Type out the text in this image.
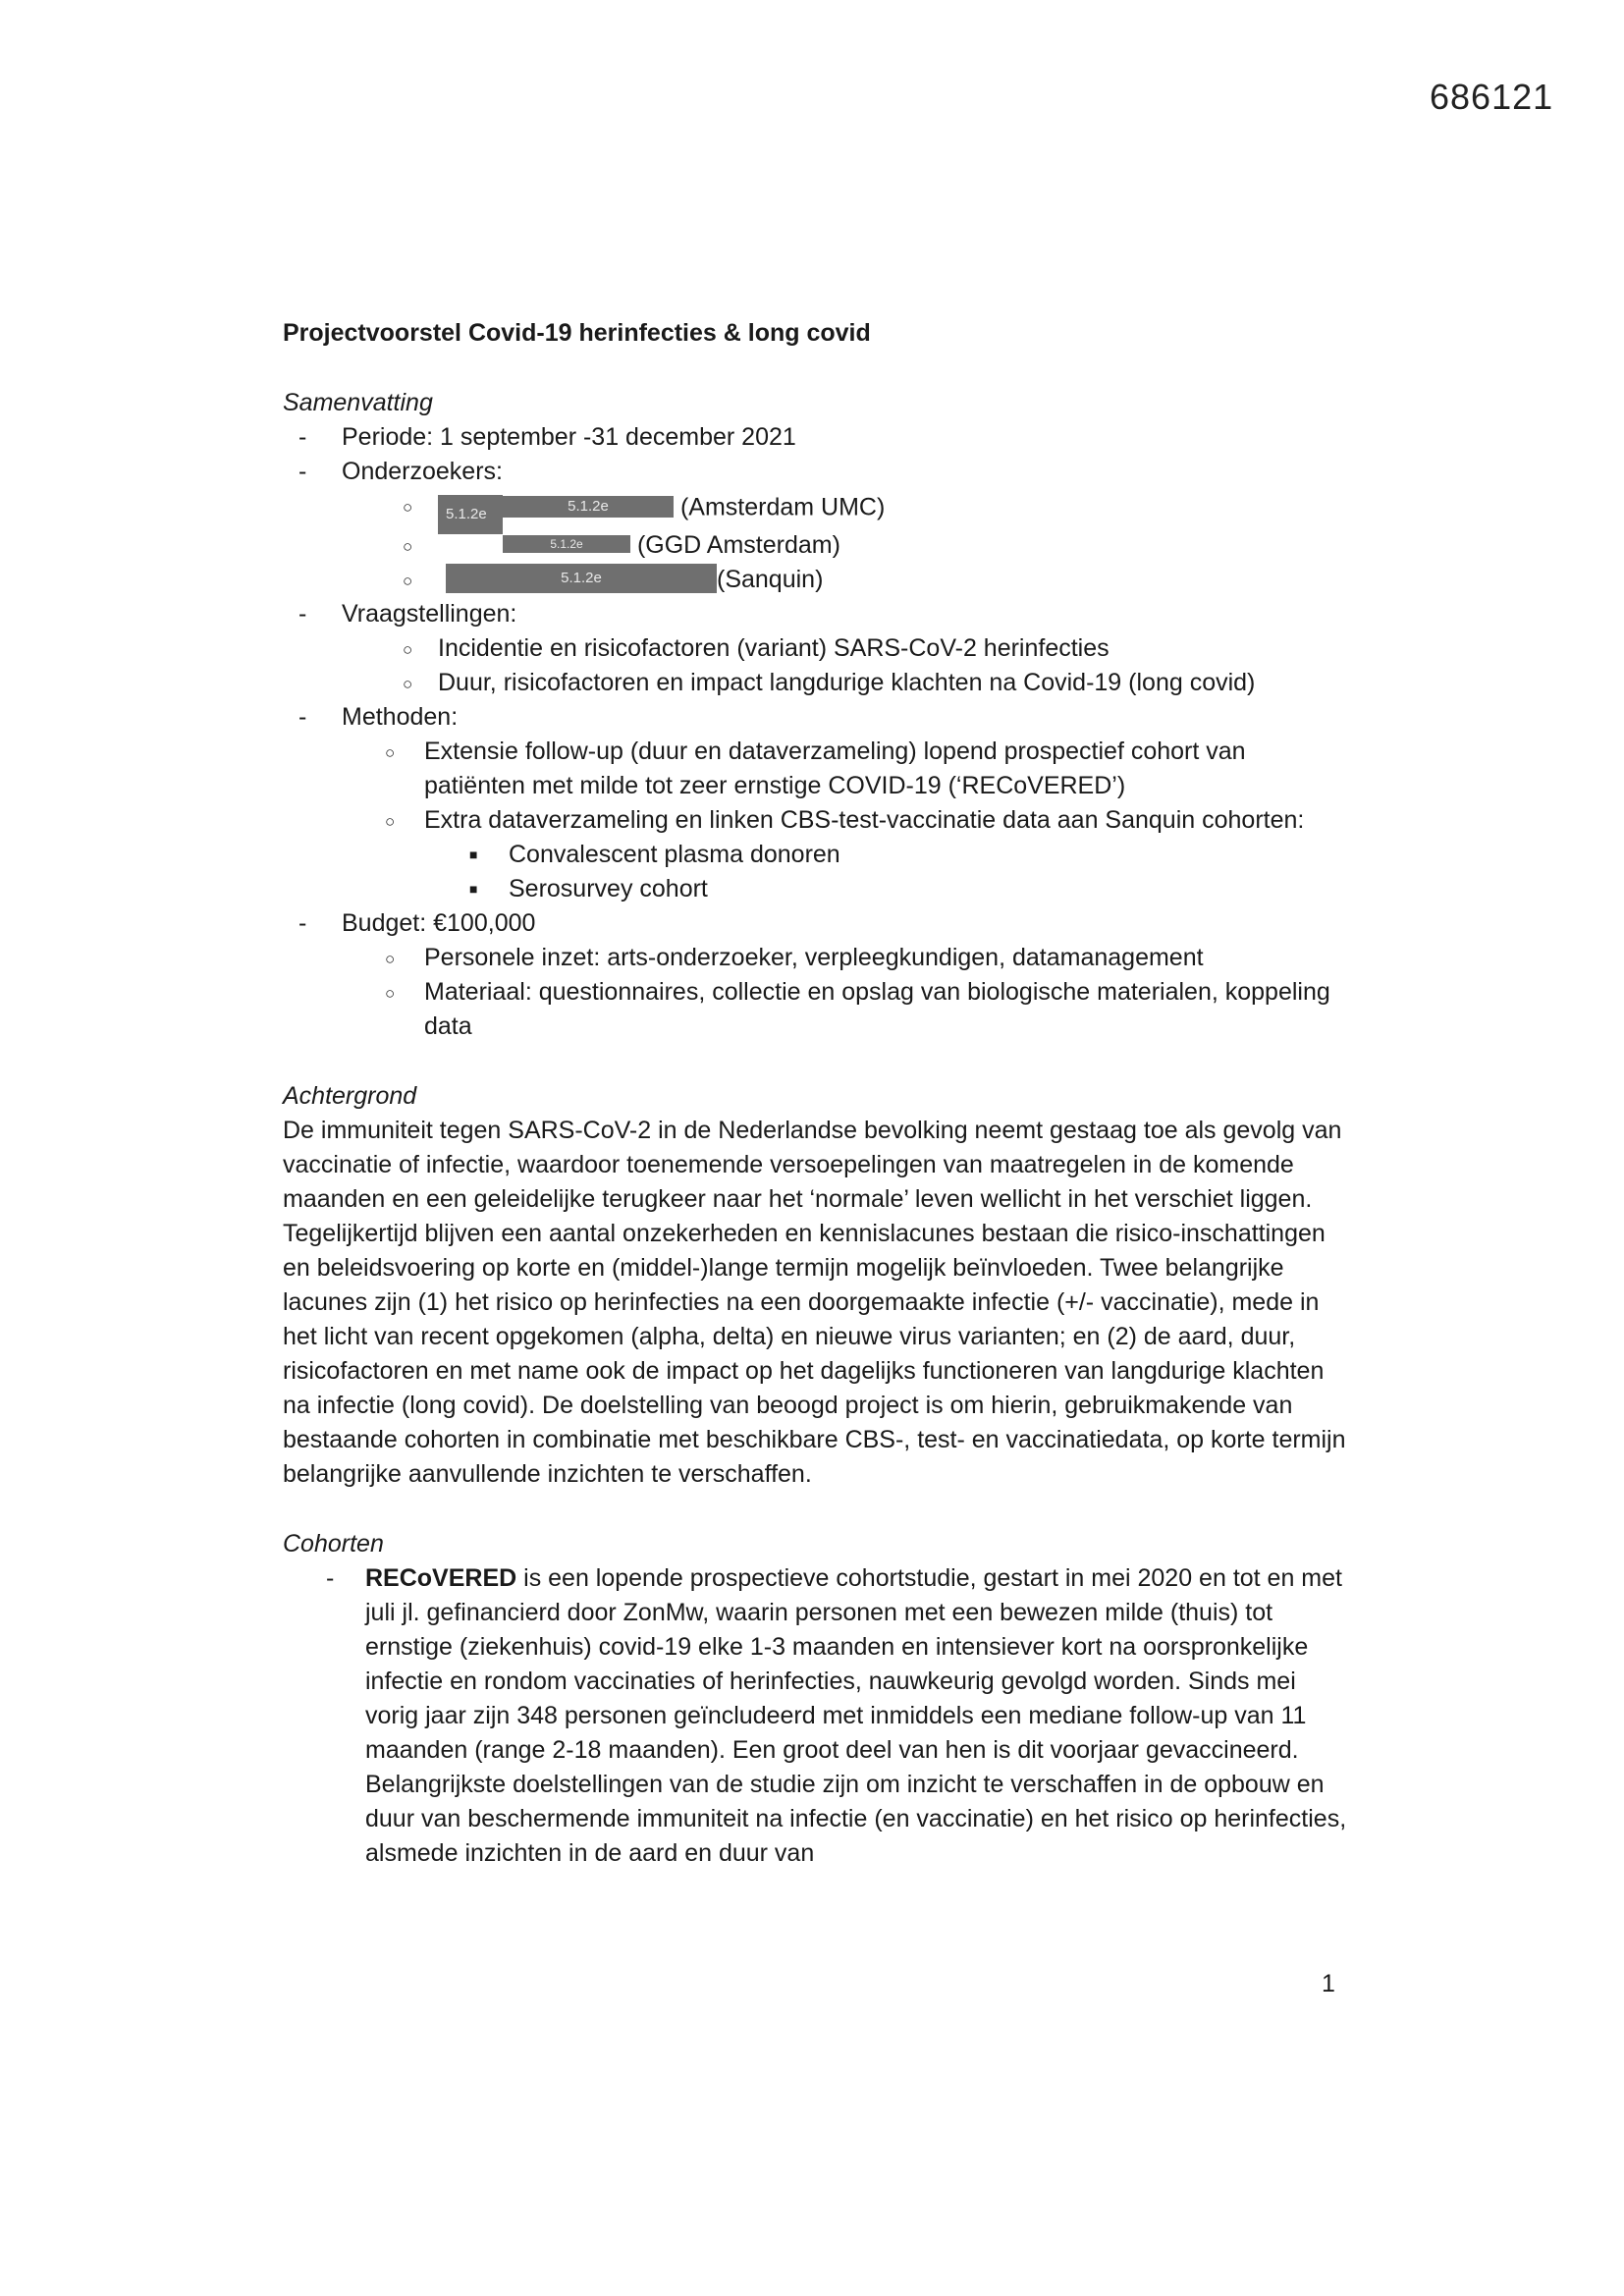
686121
Projectvoorstel Covid-19 herinfecties & long covid
Samenvatting
- Periode: 1 september -31 december 2021
- Onderzoekers:
○ 5.1.2e	5.1.2e	(Amsterdam UMC)
○	5.1.2e (GGD Amsterdam)
○	5.1.2e	(Sanquin)
- Vraagstellingen:
○ Incidentie en risicofactoren (variant) SARS-CoV-2 herinfecties
○ Duur, risicofactoren en impact langdurige klachten na Covid-19 (long covid)
- Methoden:
○ Extensie follow-up (duur en dataverzameling) lopend prospectief cohort van patiënten met milde tot zeer ernstige COVID-19 (‘RECoVERED’)
○ Extra dataverzameling en linken CBS-test-vaccinatie data aan Sanquin cohorten:
■ Convalescent plasma donoren
■ Serosurvey cohort
- Budget: €100,000
○ Personele inzet: arts-onderzoeker, verpleegkundigen, datamanagement
○ Materiaal: questionnaires, collectie en opslag van biologische materialen, koppeling data
Achtergrond

De immuniteit tegen SARS-CoV-2 in de Nederlandse bevolking neemt gestaag toe als gevolg van vaccinatie of infectie, waardoor toenemende versoepelingen van maatregelen in de komende maanden en een geleidelijke terugkeer naar het ‘normale’ leven wellicht in het verschiet liggen. Tegelijkertijd blijven een aantal onzekerheden en kennislacunes bestaan die risico-inschattingen en beleidsvoering op korte en (middel-)lange termijn mogelijk beïnvloeden. Twee belangrijke lacunes zijn (1) het risico op herinfecties na een doorgemaakte infectie (+/- vaccinatie), mede in het licht van recent opgekomen (alpha, delta) en nieuwe virus varianten; en (2) de aard, duur, risicofactoren en met name ook de impact op het dagelijks functioneren van langdurige klachten na infectie (long covid). De doelstelling van beoogd project is om hierin, gebruikmakende van bestaande cohorten in combinatie met beschikbare CBS-, test- en vaccinatiedata, op korte termijn belangrijke aanvullende inzichten te verschaffen.

Cohorten
- RECoVERED is een lopende prospectieve cohortstudie, gestart in mei 2020 en tot en met juli jl. gefinancierd door ZonMw, waarin personen met een bewezen milde (thuis) tot ernstige (ziekenhuis) covid-19 elke 1-3 maanden en intensiever kort na oorspronkelijke infectie en rondom vaccinaties of herinfecties, nauwkeurig gevolgd worden. Sinds mei vorig jaar zijn 348 personen geïncludeerd met inmiddels een mediane follow-up van 11 maanden (range 2-18 maanden). Een groot deel van hen is dit voorjaar gevaccineerd. Belangrijkste doelstellingen van de studie zijn om inzicht te verschaffen in de opbouw en duur van beschermende immuniteit na infectie (en vaccinatie) en het risico op herinfecties, alsmede inzichten in de aard en duur van
1
